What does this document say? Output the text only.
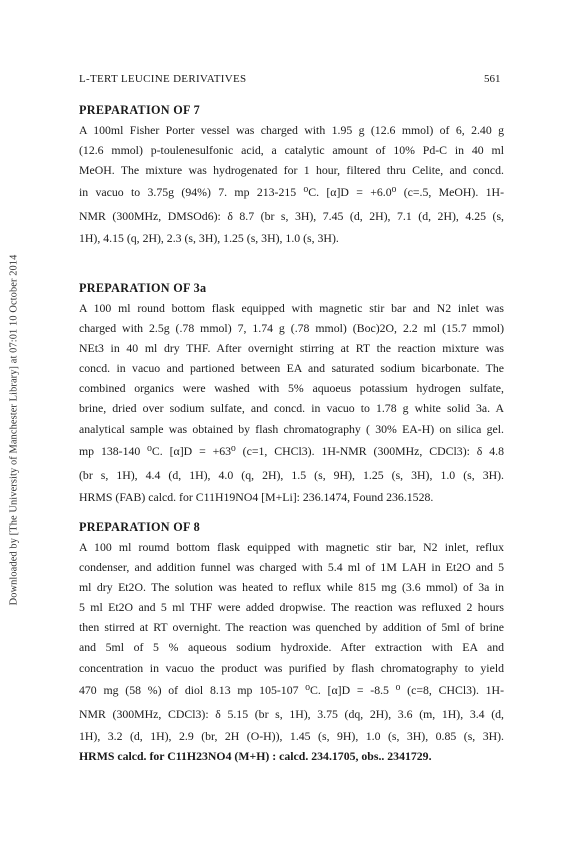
Downloaded by [The University of Manchester Library] at 07:01 10 October 2014
L-TERT LEUCINE DERIVATIVES	561
PREPARATION OF 7
A 100ml Fisher Porter vessel was charged with 1.95 g (12.6 mmol) of 6, 2.40 g
(12.6 mmol) p-toulenesulfonic acid, a catalytic amount of 10% Pd-C in 40 ml
MeOH. The mixture was hydrogenated for 1 hour, filtered thru Celite, and concd.
in vacuo to 3.75g (94%) 7. mp 213-215 ⁰C. [α]D = +6.0⁰ (c=.5, MeOH). 1H-
NMR (300MHz, DMSOd6): δ 8.7 (br s, 3H), 7.45 (d, 2H), 7.1 (d, 2H), 4.25 (s,
1H), 4.15 (q, 2H), 2.3 (s, 3H), 1.25 (s, 3H), 1.0 (s, 3H).
PREPARATION OF 3a
A 100 ml round bottom flask equipped with magnetic stir bar and N2 inlet was
charged with 2.5g (.78 mmol) 7, 1.74 g (.78 mmol) (Boc)2O, 2.2 ml (15.7 mmol)
NEt3 in 40 ml dry THF. After overnight stirring at RT the reaction mixture was
concd. in vacuo and partioned between EA and saturated sodium bicarbonate. The
combined organics were washed with 5% aquoeus potassium hydrogen sulfate,
brine, dried over sodium sulfate, and concd. in vacuo to 1.78 g white solid 3a. A
analytical sample was obtained by flash chromatography ( 30% EA-H) on silica gel.
mp 138-140 ⁰C. [α]D = +63⁰ (c=1, CHCl3). 1H-NMR (300MHz, CDCl3): δ 4.8
(br s, 1H), 4.4 (d, 1H), 4.0 (q, 2H), 1.5 (s, 9H), 1.25 (s, 3H), 1.0 (s, 3H).
HRMS (FAB) calcd. for C11H19NO4 [M+Li]: 236.1474, Found 236.1528.
PREPARATION OF 8
A 100 ml roumd bottom flask equipped with magnetic stir bar, N2 inlet, reflux
condenser, and addition funnel was charged with 5.4 ml of 1M LAH in Et2O and 5
ml dry Et2O. The solution was heated to reflux while 815 mg (3.6 mmol) of 3a in
5 ml Et2O and 5 ml THF were added dropwise. The reaction was refluxed 2 hours
then stirred at RT overnight. The reaction was quenched by addition of 5ml of brine
and 5ml of 5 % aqueous sodium hydroxide. After extraction with EA and
concentration in vacuo the product was purified by flash chromatography to yield
470 mg (58 %) of diol 8.13 mp 105-107 ⁰C. [α]D = -8.5 ⁰ (c=8, CHCl3). 1H-
NMR (300MHz, CDCl3): δ 5.15 (br s, 1H), 3.75 (dq, 2H), 3.6 (m, 1H), 3.4 (d,
1H), 3.2 (d, 1H), 2.9 (br, 2H (O-H)), 1.45 (s, 9H), 1.0 (s, 3H), 0.85 (s, 3H).
HRMS calcd. for C11H23NO4 (M+H) : calcd. 234.1705, obs.. 2341729.
